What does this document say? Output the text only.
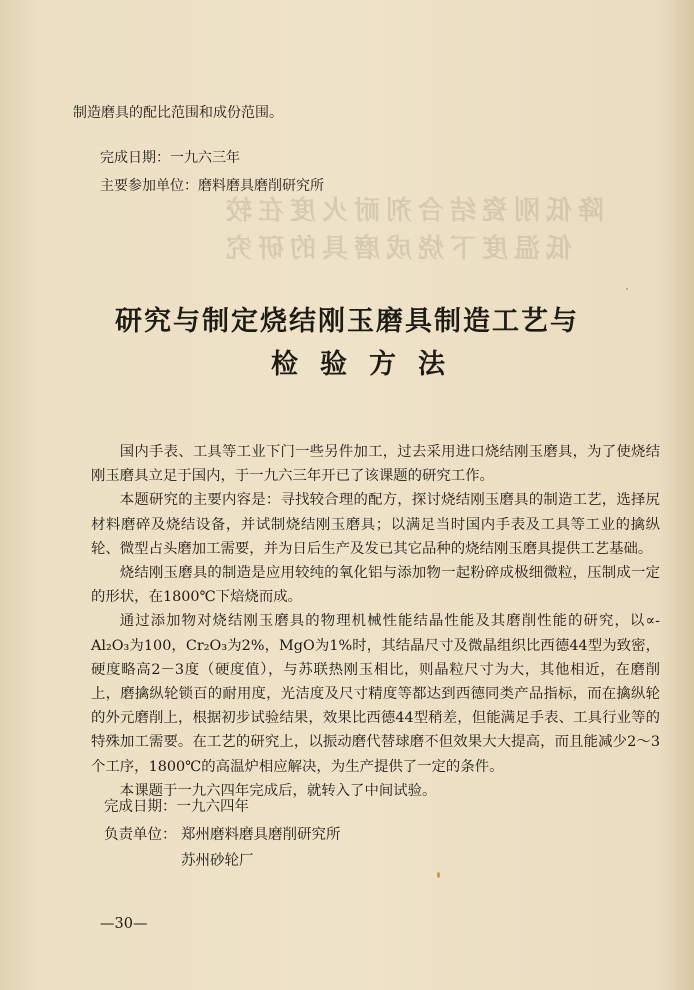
降低刚瓷结合剂耐火度在较
低温度下烧成磨具的研究
制造磨具的配比范围和成份范围。
完成日期：一九六三年
主要参加单位：磨料磨具磨削研究所
研究与制定烧结刚玉磨具制造工艺与
检验方法

国内手表、工具等工业下门一些另件加工，过去采用进口烧结刚玉磨具，为了使烧结刚玉磨具立足于国内，于一九六三年开已了该课题的研究工作。

本题研究的主要内容是：寻找较合理的配方，探讨烧结刚玉磨具的制造工艺，选择尻材料磨碎及烧结设备，并试制烧结刚玉磨具；以满足当时国内手表及工具等工业的擒纵轮、微型占头磨加工需要，并为日后生产及发已其它品种的烧结刚玉磨具提供工艺基础。

烧结刚玉磨具的制造是应用较纯的氧化铝与添加物一起粉碎成极细微粒，压制成一定的形状，在1800℃下焙烧而成。

通过添加物对烧结刚玉磨具的物理机械性能结晶性能及其磨削性能的研究，以∝-Al₂O₃为100，Cr₂O₃为2%，MgO为1%时，其结晶尺寸及微晶组织比西德44型为致密，硬度略高2－3度（硬度值），与苏联热刚玉相比，则晶粒尺寸为大，其他相近，在磨削上，磨擒纵轮锁百的耐用度，光洁度及尺寸精度等都达到西德同类产品指标，而在擒纵轮的外元磨削上，根据初步试验结果，效果比西德44型稍差，但能满足手表、工具行业等的特殊加工需要。在工艺的研究上，以振动磨代替球磨不但效果大大提高，而且能减少2～3个工序，1800℃的高温炉相应解决，为生产提供了一定的条件。

本课题于一九六四年完成后，就转入了中间试验。

完成日期：一九六四年
负责单位： 郑州磨料磨具磨削研究所
苏州砂轮厂
—30—
